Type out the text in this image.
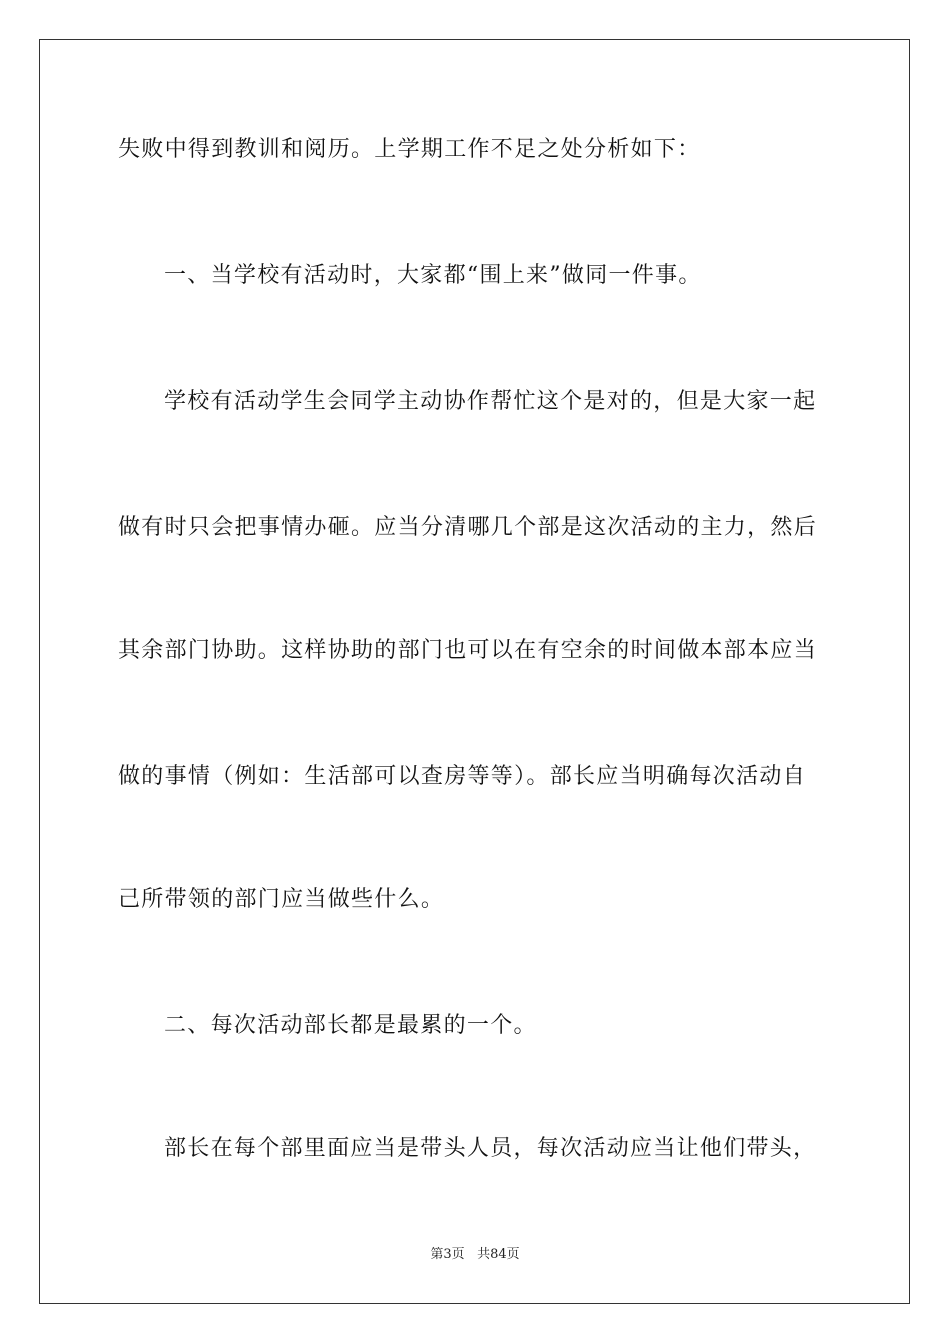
失败中得到教训和阅历。上学期工作不足之处分析如下：
一、当学校有活动时，大家都“围上来”做同一件事。
学校有活动学生会同学主动协作帮忙这个是对的，但是大家一起
做有时只会把事情办砸。应当分清哪几个部是这次活动的主力，然后
其余部门协助。这样协助的部门也可以在有空余的时间做本部本应当
做的事情（例如：生活部可以查房等等）。部长应当明确每次活动自
己所带领的部门应当做些什么。
二、每次活动部长都是最累的一个。
部长在每个部里面应当是带头人员，每次活动应当让他们带头，
第3页 共84页
